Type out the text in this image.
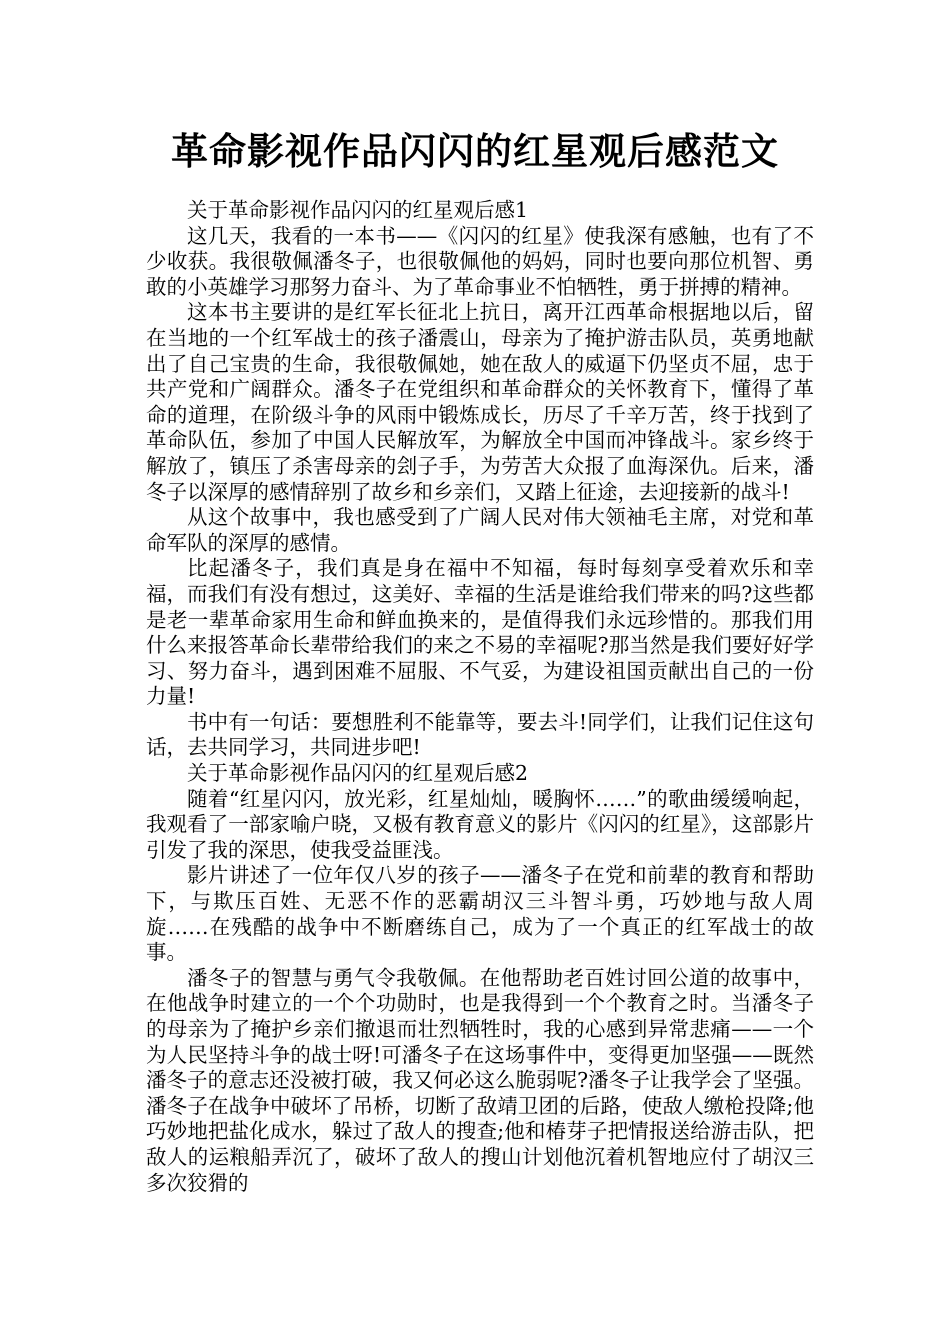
革命影视作品闪闪的红星观后感范文

关于革命影视作品闪闪的红星观后感1

这几天，我看的一本书——《闪闪的红星》使我深有感触，也有了不少收获。我很敬佩潘冬子，也很敬佩他的妈妈，同时也要向那位机智、勇敢的小英雄学习那努力奋斗、为了革命事业不怕牺牲，勇于拼搏的精神。

这本书主要讲的是红军长征北上抗日，离开江西革命根据地以后，留在当地的一个红军战士的孩子潘震山，母亲为了掩护游击队员，英勇地献出了自己宝贵的生命，我很敬佩她，她在敌人的威逼下仍坚贞不屈，忠于共产党和广阔群众。潘冬子在党组织和革命群众的关怀教育下，懂得了革命的道理，在阶级斗争的风雨中锻炼成长，历尽了千辛万苦，终于找到了革命队伍，参加了中国人民解放军，为解放全中国而冲锋战斗。家乡终于解放了，镇压了杀害母亲的刽子手，为劳苦大众报了血海深仇。后来，潘冬子以深厚的感情辞别了故乡和乡亲们，又踏上征途，去迎接新的战斗!

从这个故事中，我也感受到了广阔人民对伟大领袖毛主席，对党和革命军队的深厚的感情。

比起潘冬子，我们真是身在福中不知福，每时每刻享受着欢乐和幸福，而我们有没有想过，这美好、幸福的生活是谁给我们带来的吗?这些都是老一辈革命家用生命和鲜血换来的，是值得我们永远珍惜的。那我们用什么来报答革命长辈带给我们的来之不易的幸福呢?那当然是我们要好好学习、努力奋斗，遇到困难不屈服、不气妥，为建设祖国贡献出自己的一份力量!

书中有一句话：要想胜利不能靠等，要去斗!同学们，让我们记住这句话，去共同学习，共同进步吧!

关于革命影视作品闪闪的红星观后感2

随着“红星闪闪，放光彩，红星灿灿，暖胸怀……”的歌曲缓缓响起，我观看了一部家喻户晓，又极有教育意义的影片《闪闪的红星》，这部影片引发了我的深思，使我受益匪浅。

影片讲述了一位年仅八岁的孩子——潘冬子在党和前辈的教育和帮助下，与欺压百姓、无恶不作的恶霸胡汉三斗智斗勇，巧妙地与敌人周旋……在残酷的战争中不断磨练自己，成为了一个真正的红军战士的故事。

潘冬子的智慧与勇气令我敬佩。在他帮助老百姓讨回公道的故事中，在他战争时建立的一个个功勋时，也是我得到一个个教育之时。当潘冬子的母亲为了掩护乡亲们撤退而壮烈牺牲时，我的心感到异常悲痛——一个为人民坚持斗争的战士呀!可潘冬子在这场事件中，变得更加坚强——既然潘冬子的意志还没被打破，我又何必这么脆弱呢?潘冬子让我学会了坚强。潘冬子在战争中破坏了吊桥，切断了敌靖卫团的后路，使敌人缴枪投降;他巧妙地把盐化成水，躲过了敌人的搜查;他和椿芽子把情报送给游击队，把敌人的运粮船弄沉了，破坏了敌人的搜山计划他沉着机智地应付了胡汉三多次狡猾的
